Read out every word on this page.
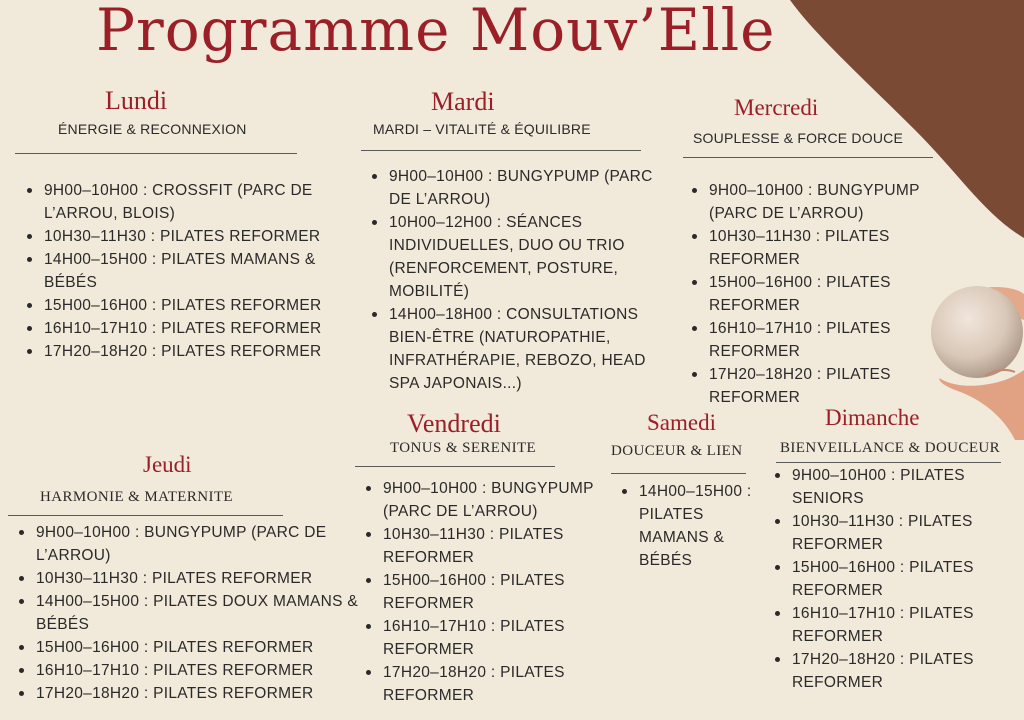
Programme Mouv’Elle
Lundi

ÉNERGIE & RECONNEXION

9H00–10H00 : CROSSFIT (PARC DE L’ARROU, BLOIS)
10H30–11H30 : PILATES REFORMER
14H00–15H00 : PILATES MAMANS & BÉBÉS
15H00–16H00 : PILATES REFORMER
16H10–17H10 : PILATES REFORMER
17H20–18H20 : PILATES REFORMER
Mardi

MARDI – VITALITÉ & ÉQUILIBRE

9H00–10H00 : BUNGYPUMP (PARC DE L’ARROU)
10H00–12H00 : SÉANCES INDIVIDUELLES, DUO OU TRIO (RENFORCEMENT, POSTURE, MOBILITÉ)
14H00–18H00 : CONSULTATIONS BIEN-ÊTRE (NATUROPATHIE, INFRATHÉRAPIE, REBOZO, HEAD SPA JAPONAIS...)
Mercredi

SOUPLESSE & FORCE DOUCE

9H00–10H00 : BUNGYPUMP (PARC DE L’ARROU)
10H30–11H30 : PILATES REFORMER
15H00–16H00 : PILATES REFORMER
16H10–17H10 : PILATES REFORMER
17H20–18H20 : PILATES REFORMER
Jeudi

HARMONIE & MATERNITE

9H00–10H00 : BUNGYPUMP (PARC DE L’ARROU)
10H30–11H30 : PILATES REFORMER
14H00–15H00 : PILATES DOUX MAMANS & BÉBÉS
15H00–16H00 : PILATES REFORMER
16H10–17H10 : PILATES REFORMER
17H20–18H20 : PILATES REFORMER
Vendredi

TONUS & SERENITE

9H00–10H00 : BUNGYPUMP (PARC DE L’ARROU)
10H30–11H30 : PILATES REFORMER
15H00–16H00 : PILATES REFORMER
16H10–17H10 : PILATES REFORMER
17H20–18H20 : PILATES REFORMER
Samedi

DOUCEUR & LIEN

14H00–15H00 : PILATES MAMANS & BÉBÉS
Dimanche

BIENVEILLANCE & DOUCEUR

9H00–10H00 : PILATES SENIORS
10H30–11H30 : PILATES REFORMER
15H00–16H00 : PILATES REFORMER
16H10–17H10 : PILATES REFORMER
17H20–18H20 : PILATES REFORMER
